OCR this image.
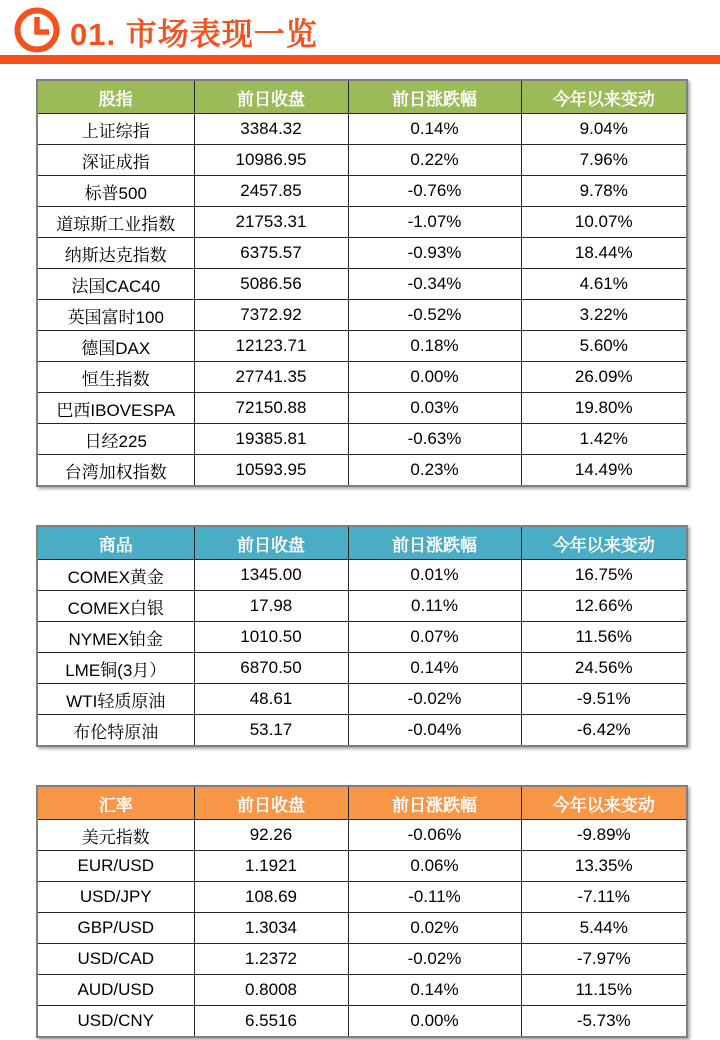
01. 市场表现一览
股指	前日收盘	前日涨跌幅	今年以来变动
上证综指	3384.32	0.14%	9.04%
深证成指	10986.95	0.22%	7.96%
标普500	2457.85	-0.76%	9.78%
道琼斯工业指数	21753.31	-1.07%	10.07%
纳斯达克指数	6375.57	-0.93%	18.44%
法国CAC40	5086.56	-0.34%	4.61%
英国富时100	7372.92	-0.52%	3.22%
德国DAX	12123.71	0.18%	5.60%
恒生指数	27741.35	0.00%	26.09%
巴西IBOVESPA	72150.88	0.03%	19.80%
日经225	19385.81	-0.63%	1.42%
台湾加权指数	10593.95	0.23%	14.49%
商品	前日收盘	前日涨跌幅	今年以来变动
COMEX黄金	1345.00	0.01%	16.75%
COMEX白银	17.98	0.11%	12.66%
NYMEX铂金	1010.50	0.07%	11.56%
LME铜(3月）	6870.50	0.14%	24.56%
WTI轻质原油	48.61	-0.02%	-9.51%
布伦特原油	53.17	-0.04%	-6.42%
汇率	前日收盘	前日涨跌幅	今年以来变动
美元指数	92.26	-0.06%	-9.89%
EUR/USD	1.1921	0.06%	13.35%
USD/JPY	108.69	-0.11%	-7.11%
GBP/USD	1.3034	0.02%	5.44%
USD/CAD	1.2372	-0.02%	-7.97%
AUD/USD	0.8008	0.14%	11.15%
USD/CNY	6.5516	0.00%	-5.73%
